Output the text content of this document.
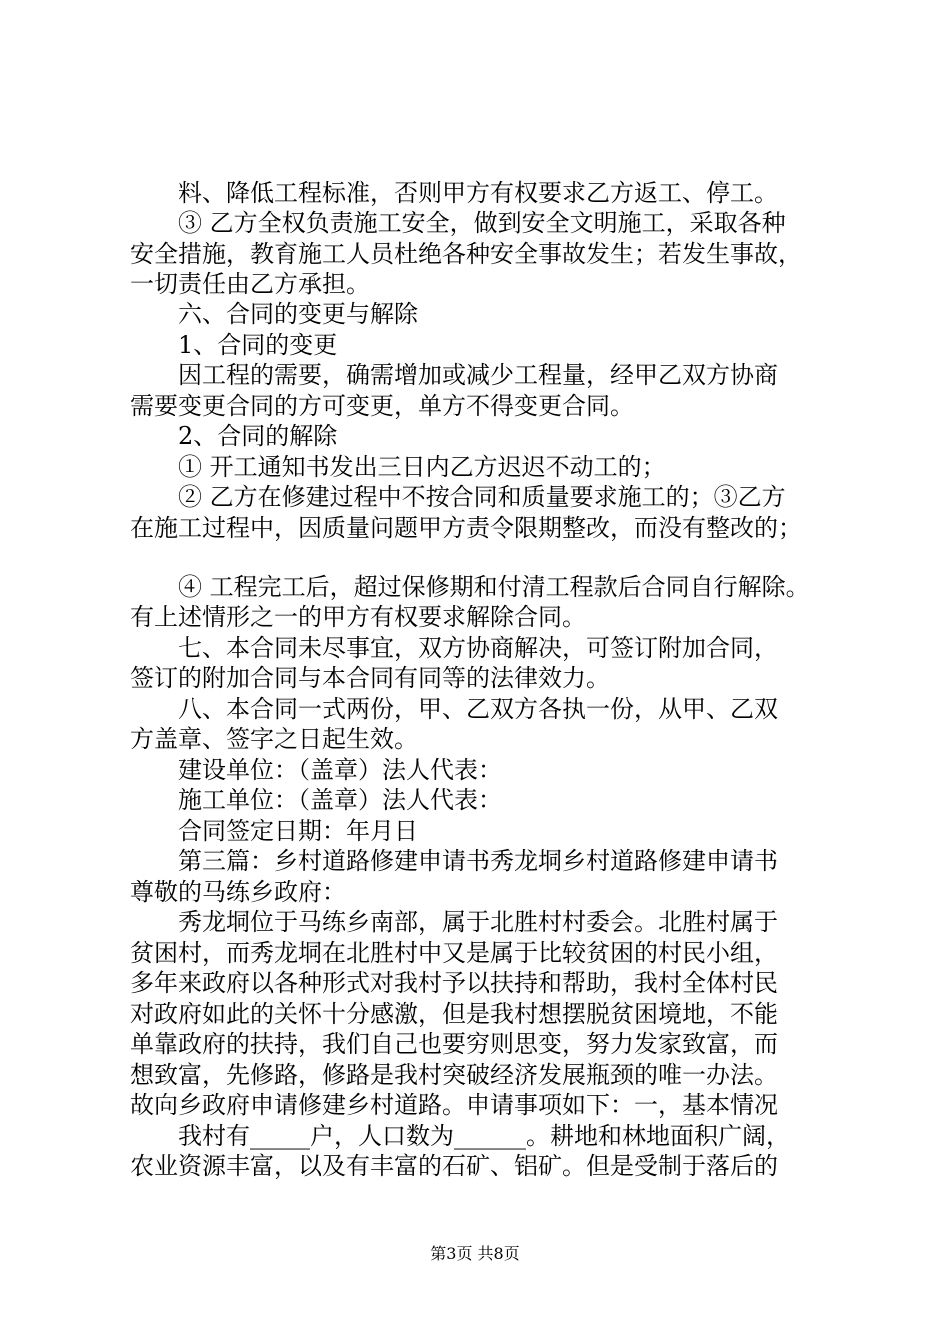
料、降低工程标准，否则甲方有权要求乙方返工、停工。
③ 乙方全权负责施工安全，做到安全文明施工，采取各种
安全措施，教育施工人员杜绝各种安全事故发生；若发生事故，
一切责任由乙方承担。
六、合同的变更与解除
1、合同的变更
因工程的需要，确需增加或减少工程量，经甲乙双方协商
需要变更合同的方可变更，单方不得变更合同。
2、合同的解除
① 开工通知书发出三日内乙方迟迟不动工的；
② 乙方在修建过程中不按合同和质量要求施工的；③乙方
在施工过程中，因质量问题甲方责令限期整改，而没有整改的；
④ 工程完工后，超过保修期和付清工程款后合同自行解除。
有上述情形之一的甲方有权要求解除合同。
七、本合同未尽事宜，双方协商解决，可签订附加合同，
签订的附加合同与本合同有同等的法律效力。
八、本合同一式两份，甲、乙双方各执一份，从甲、乙双
方盖章、签字之日起生效。
建设单位：（盖章）法人代表：
施工单位：（盖章）法人代表：
合同签定日期：年月日
第三篇：乡村道路修建申请书秀龙垌乡村道路修建申请书
尊敬的马练乡政府：
秀龙垌位于马练乡南部，属于北胜村村委会。北胜村属于
贫困村，而秀龙垌在北胜村中又是属于比较贫困的村民小组，
多年来政府以各种形式对我村予以扶持和帮助，我村全体村民
对政府如此的关怀十分感激，但是我村想摆脱贫困境地，不能
单靠政府的扶持，我们自己也要穷则思变，努力发家致富，而
想致富，先修路，修路是我村突破经济发展瓶颈的唯一办法。
故向乡政府申请修建乡村道路。申请事项如下：一，基本情况
我村有_____户，人口数为______。耕地和林地面积广阔，
农业资源丰富，以及有丰富的石矿、铝矿。但是受制于落后的
第3页 共8页
